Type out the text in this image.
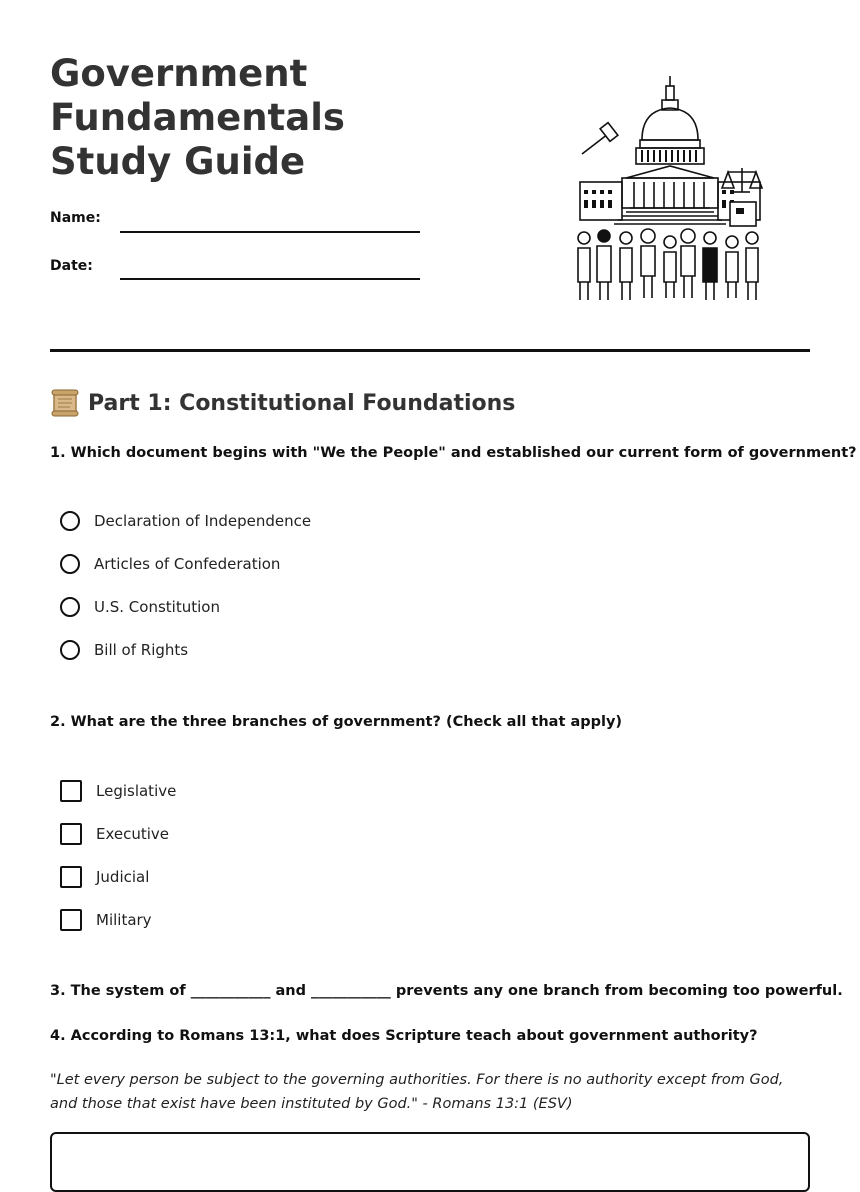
Government Fundamentals Study Guide
Name:
Date:
Part 1: Constitutional Foundations
1. Which document begins with "We the People" and established our current form of government?
Declaration of Independence
Articles of Confederation
U.S. Constitution
Bill of Rights
2. What are the three branches of government? (Check all that apply)
Legislative
Executive
Judicial
Military
3. The system of ___________ and ___________ prevents any one branch from becoming too powerful.
4. According to Romans 13:1, what does Scripture teach about government authority?
"Let every person be subject to the governing authorities. For there is no authority except from God, and those that exist have been instituted by God." - Romans 13:1 (ESV)
